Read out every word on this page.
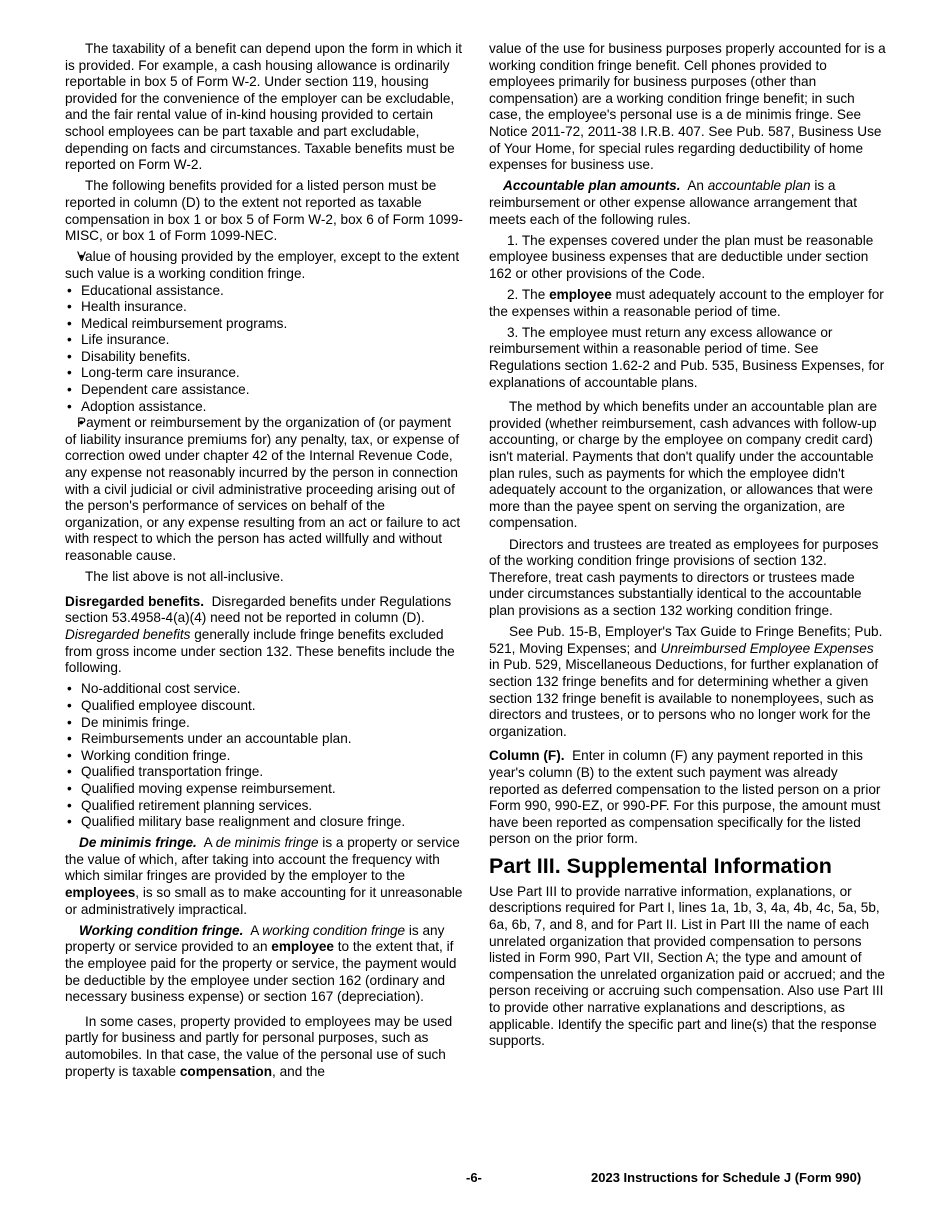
The taxability of a benefit can depend upon the form in which it is provided. For example, a cash housing allowance is ordinarily reportable in box 5 of Form W-2. Under section 119, housing provided for the convenience of the employer can be excludable, and the fair rental value of in-kind housing provided to certain school employees can be part taxable and part excludable, depending on facts and circumstances. Taxable benefits must be reported on Form W-2.

The following benefits provided for a listed person must be reported in column (D) to the extent not reported as taxable compensation in box 1 or box 5 of Form W-2, box 6 of Form 1099-MISC, or box 1 of Form 1099-NEC.

• Value of housing provided by the employer, except to the extent such value is a working condition fringe.
• Educational assistance.
• Health insurance.
• Medical reimbursement programs.
• Life insurance.
• Disability benefits.
• Long-term care insurance.
• Dependent care assistance.
• Adoption assistance.
• Payment or reimbursement by the organization of (or payment of liability insurance premiums for) any penalty, tax, or expense of correction owed under chapter 42 of the Internal Revenue Code, any expense not reasonably incurred by the person in connection with a civil judicial or civil administrative proceeding arising out of the person's performance of services on behalf of the organization, or any expense resulting from an act or failure to act with respect to which the person has acted willfully and without reasonable cause.

The list above is not all-inclusive.

Disregarded benefits. Disregarded benefits under Regulations section 53.4958-4(a)(4) need not be reported in column (D). Disregarded benefits generally include fringe benefits excluded from gross income under section 132. These benefits include the following.

• No-additional cost service.
• Qualified employee discount.
• De minimis fringe.
• Reimbursements under an accountable plan.
• Working condition fringe.
• Qualified transportation fringe.
• Qualified moving expense reimbursement.
• Qualified retirement planning services.
• Qualified military base realignment and closure fringe.

De minimis fringe. A de minimis fringe is a property or service the value of which, after taking into account the frequency with which similar fringes are provided by the employer to the employees, is so small as to make accounting for it unreasonable or administratively impractical.

Working condition fringe. A working condition fringe is any property or service provided to an employee to the extent that, if the employee paid for the property or service, the payment would be deductible by the employee under section 162 (ordinary and necessary business expense) or section 167 (depreciation).

In some cases, property provided to employees may be used partly for business and partly for personal purposes, such as automobiles. In that case, the value of the personal use of such property is taxable compensation, and the

value of the use for business purposes properly accounted for is a working condition fringe benefit. Cell phones provided to employees primarily for business purposes (other than compensation) are a working condition fringe benefit; in such case, the employee's personal use is a de minimis fringe. See Notice 2011-72, 2011-38 I.R.B. 407. See Pub. 587, Business Use of Your Home, for special rules regarding deductibility of home expenses for business use.

Accountable plan amounts. An accountable plan is a reimbursement or other expense allowance arrangement that meets each of the following rules.

1. The expenses covered under the plan must be reasonable employee business expenses that are deductible under section 162 or other provisions of the Code.

2. The employee must adequately account to the employer for the expenses within a reasonable period of time.

3. The employee must return any excess allowance or reimbursement within a reasonable period of time. See Regulations section 1.62-2 and Pub. 535, Business Expenses, for explanations of accountable plans.

The method by which benefits under an accountable plan are provided (whether reimbursement, cash advances with follow-up accounting, or charge by the employee on company credit card) isn't material. Payments that don't qualify under the accountable plan rules, such as payments for which the employee didn't adequately account to the organization, or allowances that were more than the payee spent on serving the organization, are compensation.

Directors and trustees are treated as employees for purposes of the working condition fringe provisions of section 132. Therefore, treat cash payments to directors or trustees made under circumstances substantially identical to the accountable plan provisions as a section 132 working condition fringe.

See Pub. 15-B, Employer's Tax Guide to Fringe Benefits; Pub. 521, Moving Expenses; and Unreimbursed Employee Expenses in Pub. 529, Miscellaneous Deductions, for further explanation of section 132 fringe benefits and for determining whether a given section 132 fringe benefit is available to nonemployees, such as directors and trustees, or to persons who no longer work for the organization.

Column (F). Enter in column (F) any payment reported in this year's column (B) to the extent such payment was already reported as deferred compensation to the listed person on a prior Form 990, 990-EZ, or 990-PF. For this purpose, the amount must have been reported as compensation specifically for the listed person on the prior form.

Part III. Supplemental Information

Use Part III to provide narrative information, explanations, or descriptions required for Part I, lines 1a, 1b, 3, 4a, 4b, 4c, 5a, 5b, 6a, 6b, 7, and 8, and for Part II. List in Part III the name of each unrelated organization that provided compensation to persons listed in Form 990, Part VII, Section A; the type and amount of compensation the unrelated organization paid or accrued; and the person receiving or accruing such compensation. Also use Part III to provide other narrative explanations and descriptions, as applicable. Identify the specific part and line(s) that the response supports.

-6-	2023 Instructions for Schedule J (Form 990)
